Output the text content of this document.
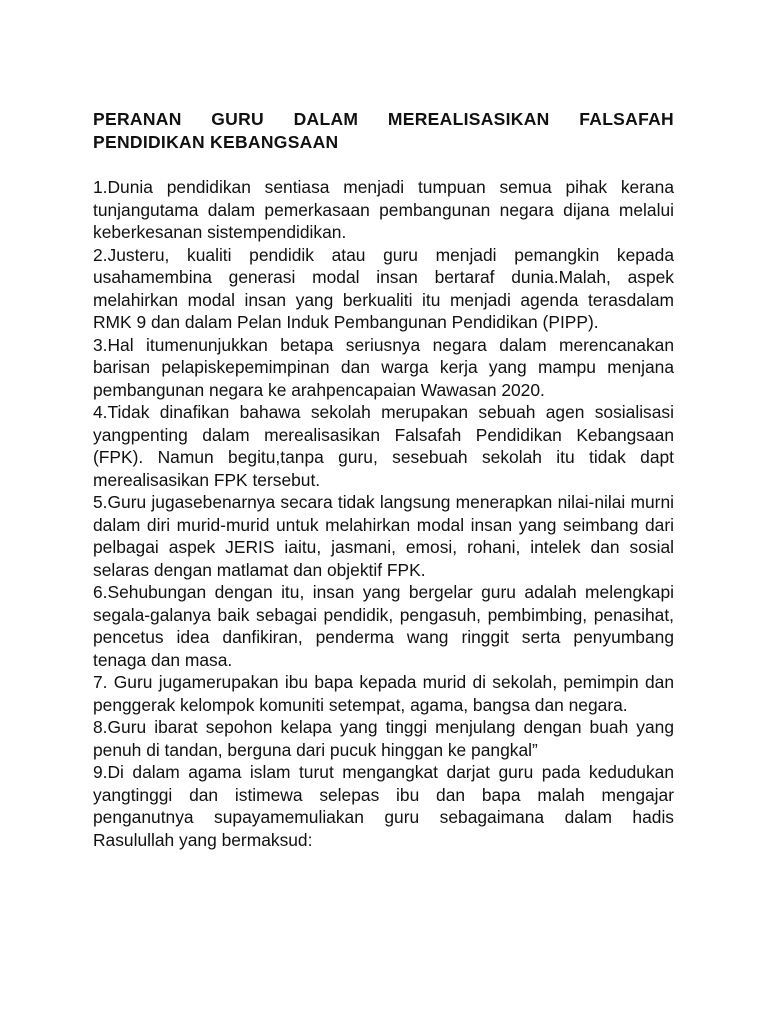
PERANAN GURU DALAM MEREALISASIKAN FALSAFAH PENDIDIKAN KEBANGSAAN

1.Dunia pendidikan sentiasa menjadi tumpuan semua pihak kerana tunjangutama dalam pemerkasaan pembangunan negara dijana melalui keberkesanan sistempendidikan.

2.Justeru, kualiti pendidik atau guru menjadi pemangkin kepada usahamembina generasi modal insan bertaraf dunia.Malah, aspek melahirkan modal insan yang berkualiti itu menjadi agenda terasdalam RMK 9 dan dalam Pelan Induk Pembangunan Pendidikan (PIPP).

3.Hal itumenunjukkan betapa seriusnya negara dalam merencanakan barisan pelapiskepemimpinan dan warga kerja yang mampu menjana pembangunan negara ke arahpencapaian Wawasan 2020.

4.Tidak dinafikan bahawa sekolah merupakan sebuah agen sosialisasi yangpenting dalam merealisasikan Falsafah Pendidikan Kebangsaan (FPK). Namun begitu,tanpa guru, sesebuah sekolah itu tidak dapt merealisasikan FPK tersebut.

5.Guru jugasebenarnya secara tidak langsung menerapkan nilai-nilai murni dalam diri murid-murid untuk melahirkan modal insan yang seimbang dari pelbagai aspek JERIS iaitu, jasmani, emosi, rohani, intelek dan sosial selaras dengan matlamat dan objektif FPK.

6.Sehubungan dengan itu, insan yang bergelar guru adalah melengkapi segala-galanya baik sebagai pendidik, pengasuh, pembimbing, penasihat, pencetus idea danfikiran, penderma wang ringgit serta penyumbang tenaga dan masa.

7. Guru jugamerupakan ibu bapa kepada murid di sekolah, pemimpin dan penggerak kelompok komuniti setempat, agama, bangsa dan negara.

8.Guru ibarat sepohon kelapa yang tinggi menjulang dengan buah yang penuh di tandan, berguna dari pucuk hinggan ke pangkal”

9.Di dalam agama islam turut mengangkat darjat guru pada kedudukan yangtinggi dan istimewa selepas ibu dan bapa malah mengajar penganutnya supayamemuliakan guru sebagaimana dalam hadis Rasulullah yang bermaksud:
